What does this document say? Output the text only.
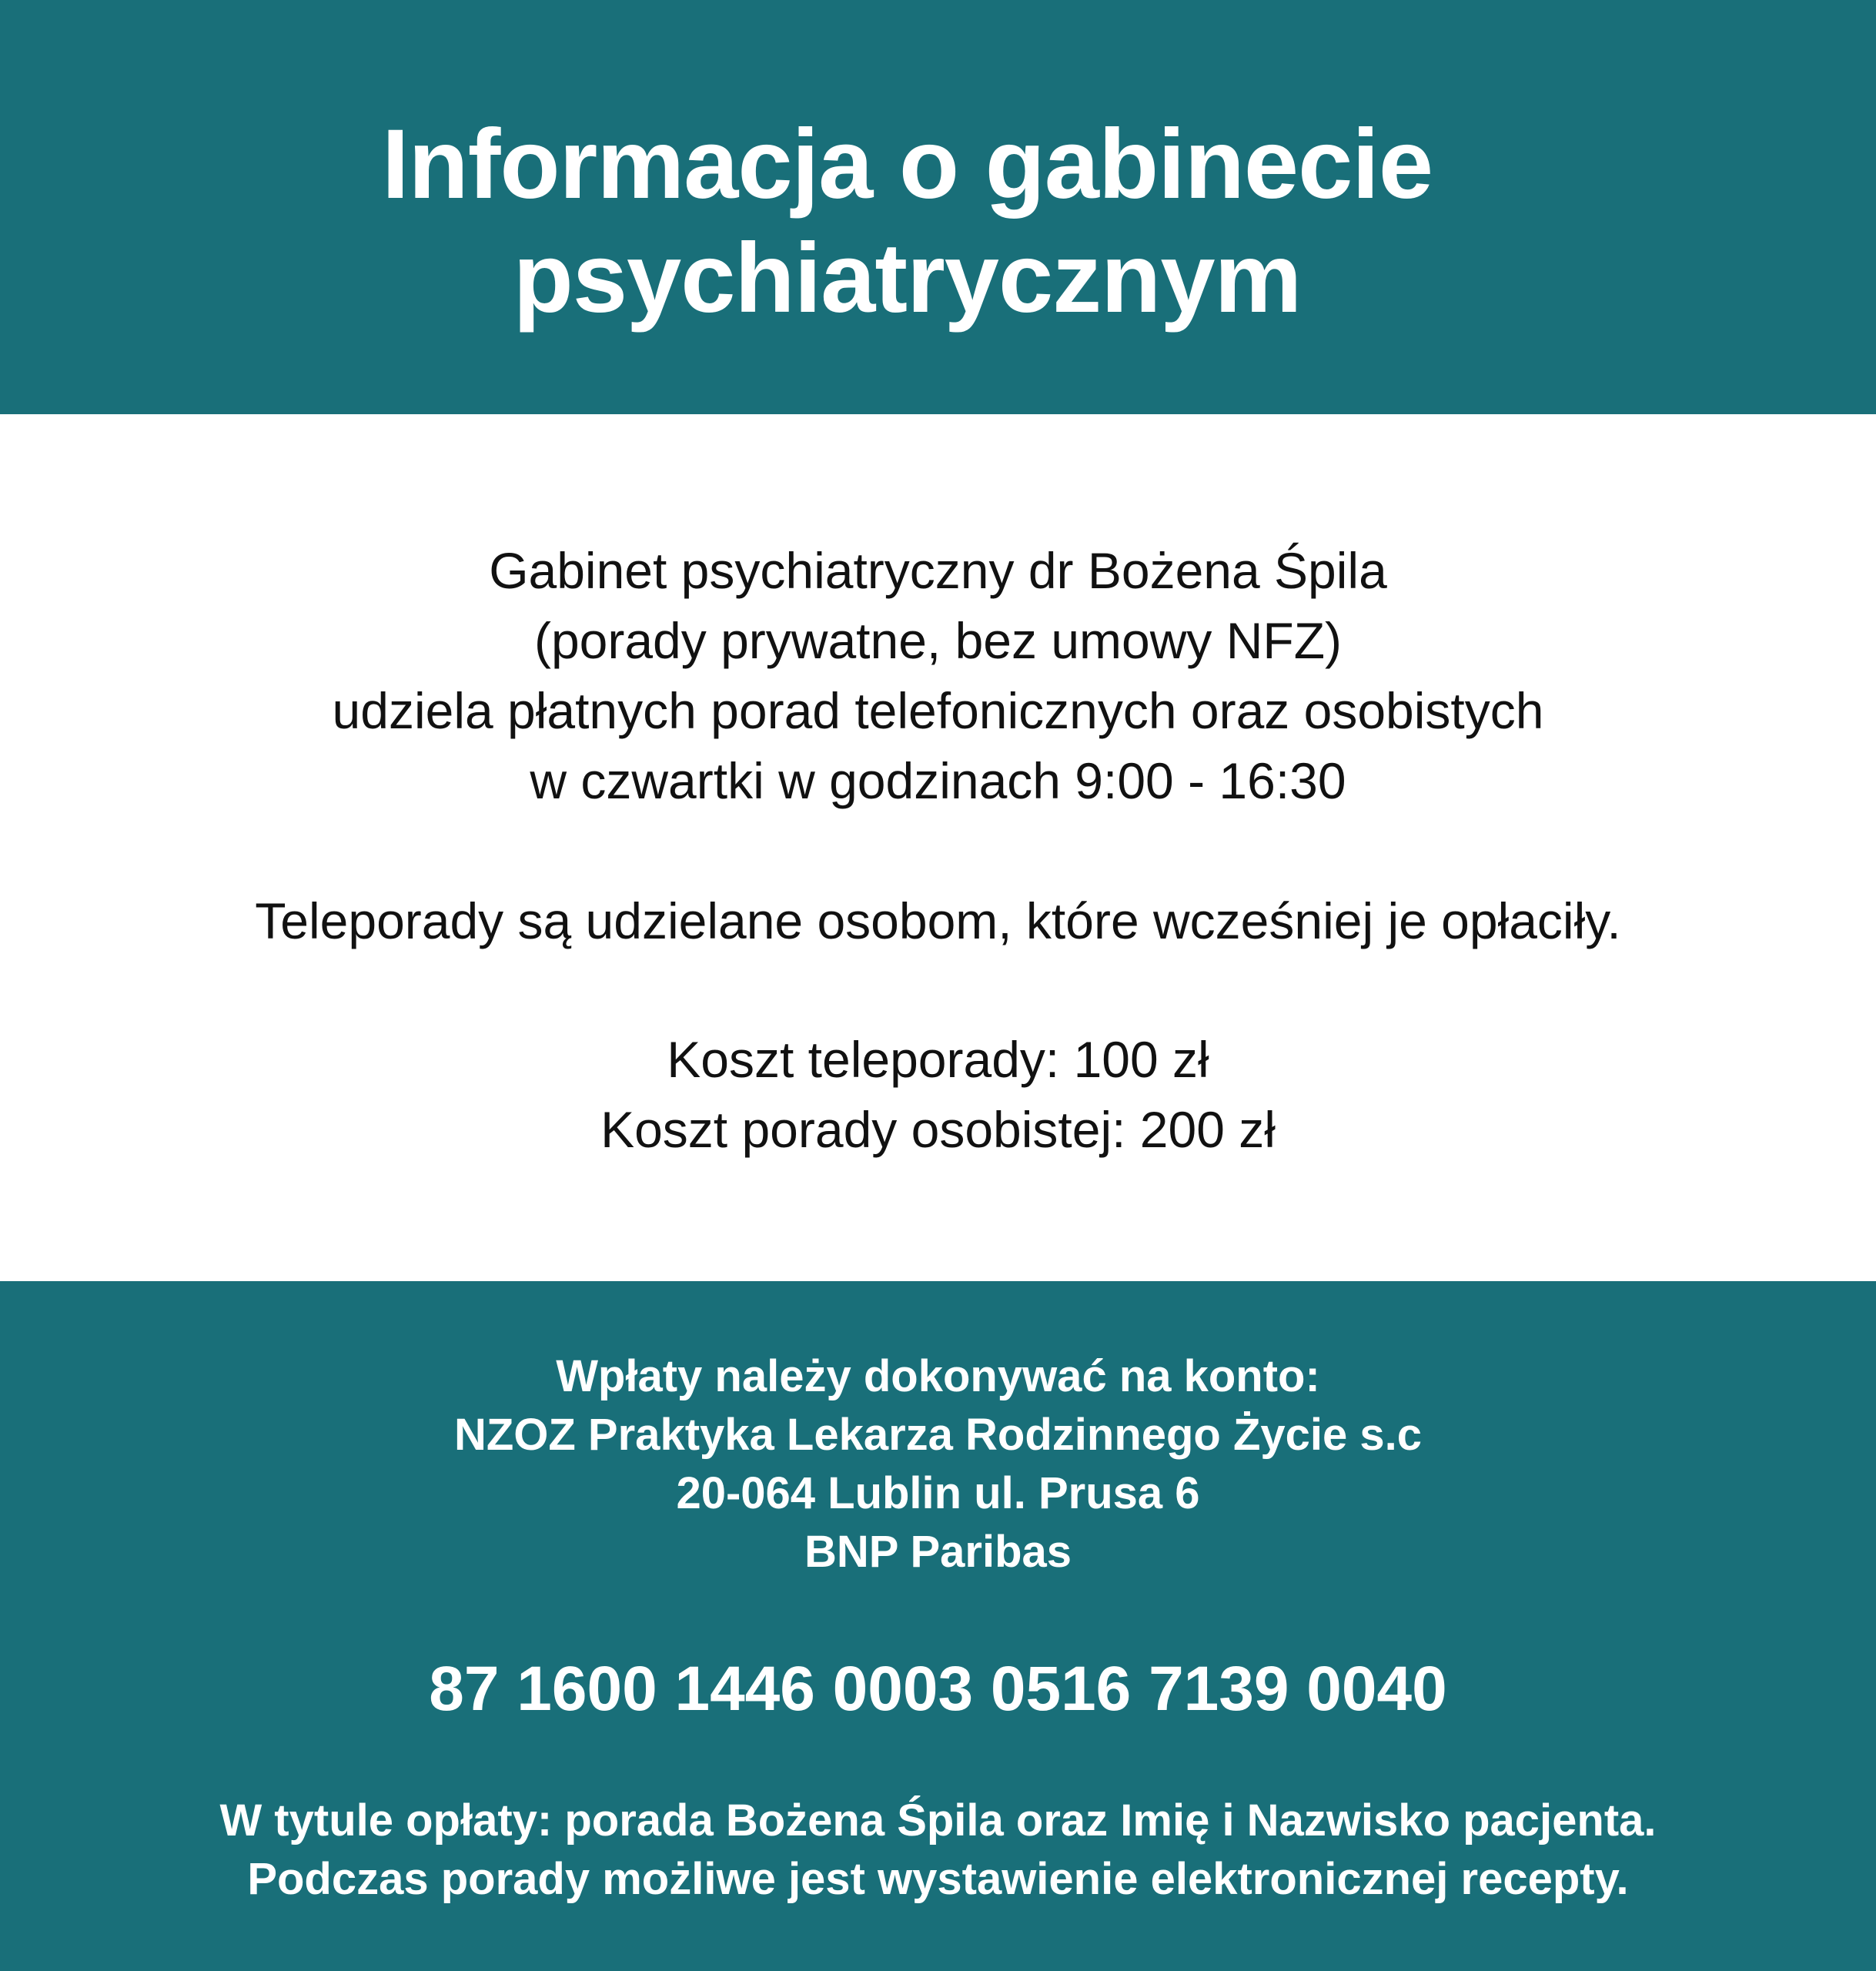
Informacja o gabinecie
psychiatrycznym

Gabinet psychiatryczny dr Bożena Śpila
(porady prywatne, bez umowy NFZ)
udziela płatnych porad telefonicznych oraz osobistych
w czwartki w godzinach 9:00 - 16:30

Teleporady są udzielane osobom, które wcześniej je opłaciły.

Koszt teleporady: 100 zł
Koszt porady osobistej: 200 zł

Wpłaty należy dokonywać na konto:
NZOZ Praktyka Lekarza Rodzinnego Życie s.c
20-064 Lublin ul. Prusa 6
BNP Paribas

87 1600 1446 0003 0516 7139 0040

W tytule opłaty: porada Bożena Śpila oraz Imię i Nazwisko pacjenta.
Podczas porady możliwe jest wystawienie elektronicznej recepty.
